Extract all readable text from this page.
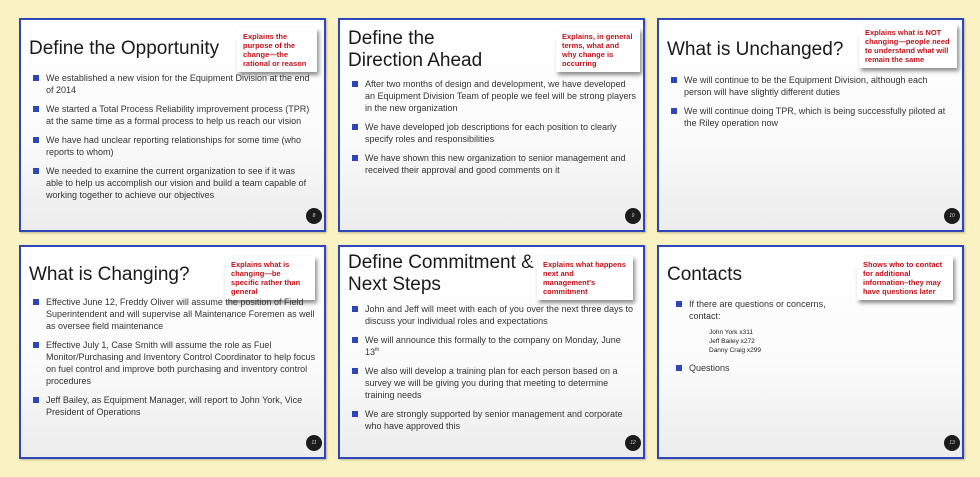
Define the Opportunity
Explains the purpose of the change—the rational or reason
We established a new vision for the Equipment Division at the end of 2014
We started a Total Process Reliability improvement process (TPR) at the same time as a formal process to help us reach our vision
We have had unclear reporting relationships for some time (who reports to whom)
We needed to examine the current organization to see if it was able to help us accomplish our vision and build a team capable of working together to achieve our objectives
8
Define the
Direction Ahead
Explains, in general terms, what and why change is occurring
After two months of design and development, we have developed an Equipment Division Team of people we feel will be strong players in the new organization
We have developed job descriptions for each position to clearly specify roles and responsibilities
We have shown this new organization to senior management and received their approval and good comments on it
9
What is Unchanged?
Explains what is NOT changing—people need to understand what will remain the same
We will continue to be the Equipment Division, although each person will have slightly different duties
We will continue doing TPR, which is being successfully piloted at the Riley operation now
10
What is Changing?	Explains what is changing—be specific rather than general
Effective June 12, Freddy Oliver will assume the position of Field Superintendent and will supervise all Maintenance Foremen as well as oversee field maintenance
Effective July 1, Case Smith will assume the role as Fuel Monitor/Purchasing and Inventory Control Coordinator to help focus on fuel control and improve both purchasing and inventory control procedures
Jeff Bailey, as Equipment Manager, will report to John York, Vice President of Operations
11
Define Commitment
Next Steps
Explains what happens next and management's commitment
John and Jeff will meet with each of you over the next three days to discuss your individual roles and expectations
We will announce this formally to the company on Monday, June 13th
We also will develop a training plan for each person based on a survey we will be giving you during that meeting to determine training needs
We are strongly supported by senior management and corporate who have approved this
12
Contacts	Shows who to contact for additional information–they may have questions later
If there are questions or concerns, contact:
John York x311
Jeff Bailey x272
Danny Craig x299
Questions
13
